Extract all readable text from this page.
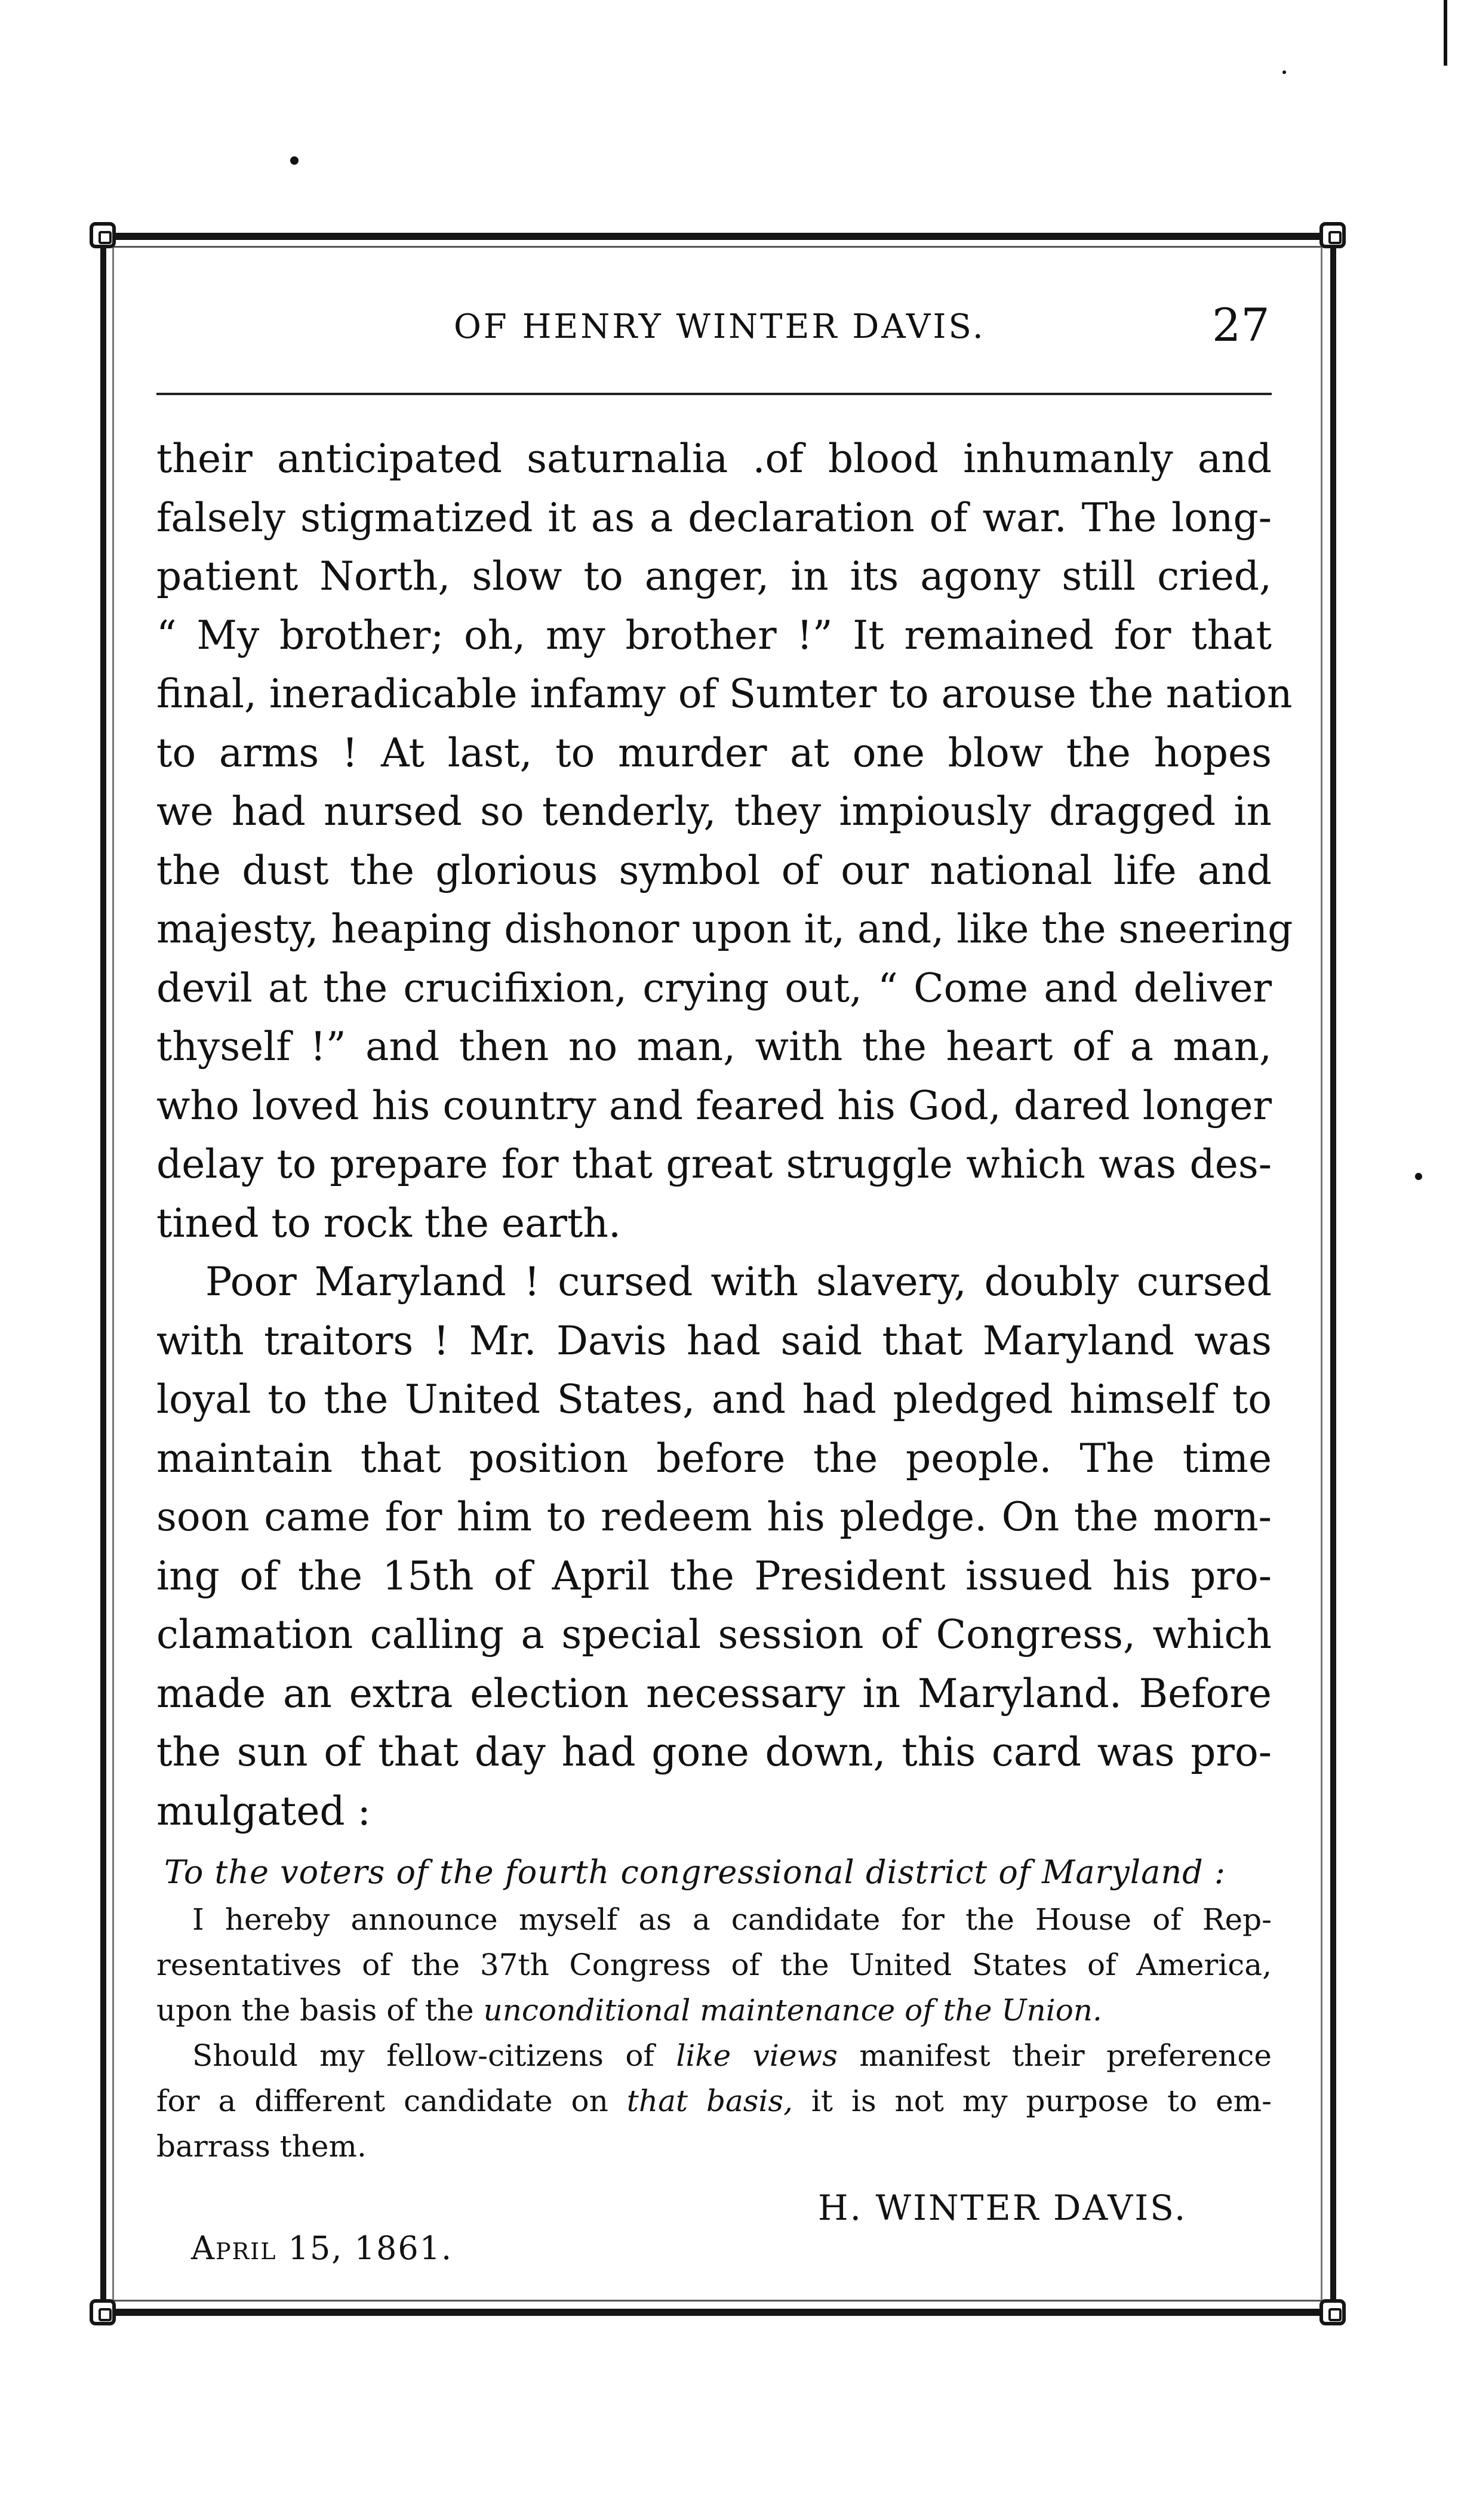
OF HENRY WINTER DAVIS.	27
their anticipated saturnalia .of blood inhumanly and
falsely stigmatized it as a declaration of war. The long-
patient North, slow to anger, in its agony still cried,
“ My brother; oh, my brother !” It remained for that
final, ineradicable infamy of Sumter to arouse the nation
to arms ! At last, to murder at one blow the hopes
we had nursed so tenderly, they impiously dragged in
the dust the glorious symbol of our national life and
majesty, heaping dishonor upon it, and, like the sneering
devil at the crucifixion, crying out, “ Come and deliver
thyself !” and then no man, with the heart of a man,
who loved his country and feared his God, dared longer
delay to prepare for that great struggle which was des-
tined to rock the earth.
Poor Maryland ! cursed with slavery, doubly cursed
with traitors ! Mr. Davis had said that Maryland was
loyal to the United States, and had pledged himself to
maintain that position before the people. The time
soon came for him to redeem his pledge. On the morn-
ing of the 15th of April the President issued his pro-
clamation calling a special session of Congress, which
made an extra election necessary in Maryland. Before
the sun of that day had gone down, this card was pro-
mulgated :
To the voters of the fourth congressional district of Maryland :
I hereby announce myself as a candidate for the House of Rep-
resentatives of the 37th Congress of the United States of America,
upon the basis of the unconditional maintenance of the Union.
Should my fellow-citizens of like views manifest their preference
for a different candidate on that basis, it is not my purpose to em-
barrass them.
H. WINTER DAVIS.
April 15, 1861.
